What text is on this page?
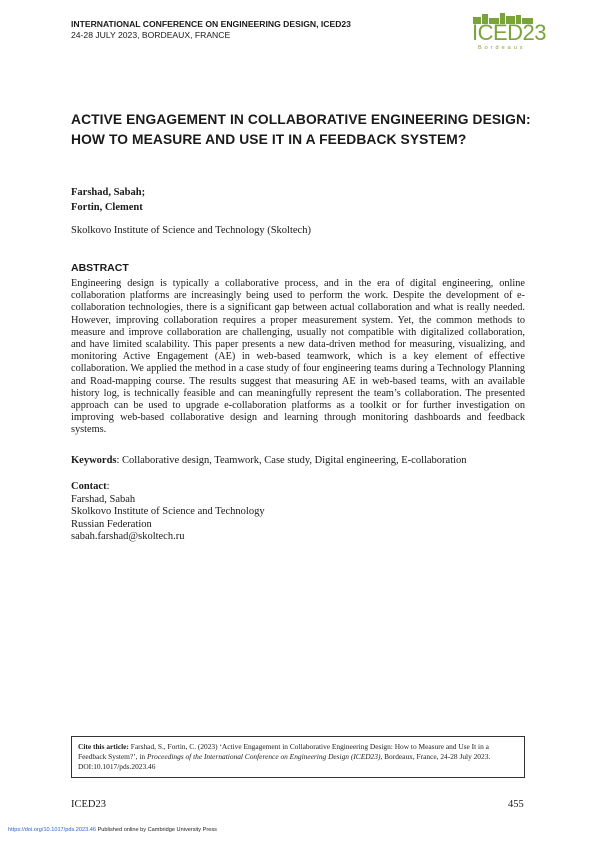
INTERNATIONAL CONFERENCE ON ENGINEERING DESIGN, ICED23
24-28 JULY 2023, BORDEAUX, FRANCE	ICED23
Bordeaux
ACTIVE ENGAGEMENT IN COLLABORATIVE ENGINEERING DESIGN: HOW TO MEASURE AND USE IT IN A FEEDBACK SYSTEM?
Farshad, Sabah;
Fortin, Clement
Skolkovo Institute of Science and Technology (Skoltech)
ABSTRACT
Engineering design is typically a collaborative process, and in the era of digital engineering, online collaboration platforms are increasingly being used to perform the work. Despite the development of e-collaboration technologies, there is a significant gap between actual collaboration and what is really needed. However, improving collaboration requires a proper measurement system. Yet, the common methods to measure and improve collaboration are challenging, usually not compatible with digitalized collaboration, and have limited scalability. This paper presents a new data-driven method for measuring, visualizing, and monitoring Active Engagement (AE) in web-based teamwork, which is a key element of effective collaboration. We applied the method in a case study of four engineering teams during a Technology Planning and Road-mapping course. The results suggest that measuring AE in web-based teams, with an available history log, is technically feasible and can meaningfully represent the team’s collaboration. The presented approach can be used to upgrade e-collaboration platforms as a toolkit or for further investigation on improving web-based collaborative design and learning through monitoring dashboards and feedback systems.
Keywords: Collaborative design, Teamwork, Case study, Digital engineering, E-collaboration
Contact:
Farshad, Sabah
Skolkovo Institute of Science and Technology
Russian Federation
sabah.farshad@skoltech.ru
Cite this article: Farshad, S., Fortin, C. (2023) ‘Active Engagement in Collaborative Engineering Design: How to Measure and Use It in a Feedback System?’, in Proceedings of the International Conference on Engineering Design (ICED23), Bordeaux, France, 24-28 July 2023. DOI:10.1017/pds.2023.46
ICED23	455
https://doi.org/10.1017/pds.2023.46 Published online by Cambridge University Press
